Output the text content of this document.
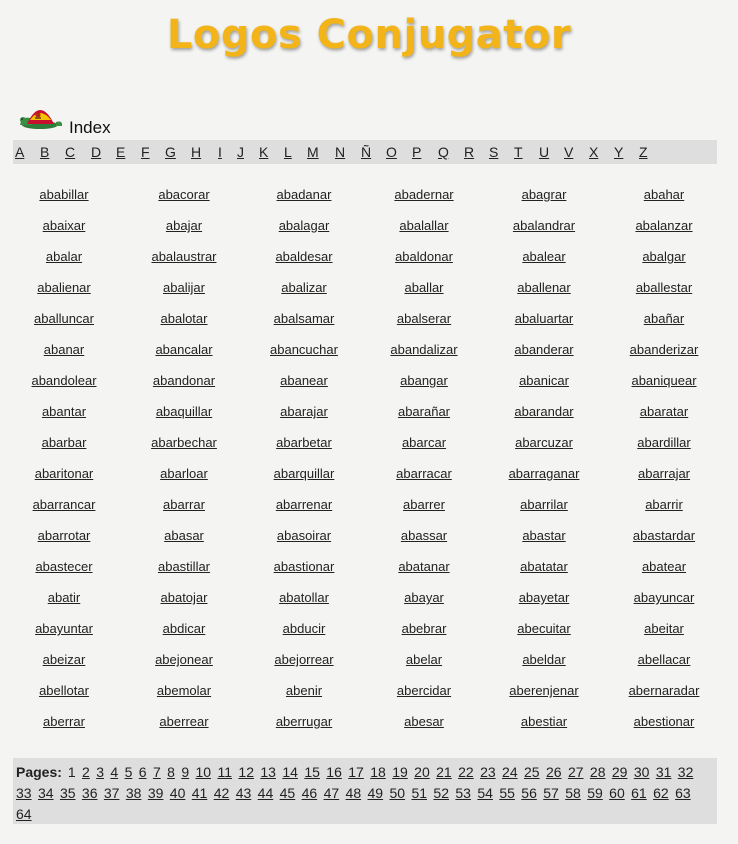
Logos Conjugator
Index
A B C D E F G H I J K L M N Ñ O P Q R S T U V X Y Z
ababillar	abacorar	abadanar	abadernar	abagrar	abahar
abaixar	abajar	abalagar	abalallar	abalandrar	abalanzar
abalar	abalaustrar	abaldesar	abaldonar	abalear	abalgar
abalienar	abalijar	abalizar	aballar	aballenar	aballestar
aballuncar	abalotar	abalsamar	abalserar	abaluartar	abañar
abanar	abancalar	abancuchar	abandalizar	abanderar	abanderizar
abandolear	abandonar	abanear	abangar	abanicar	abaniquear
abantar	abaquillar	abarajar	abarañar	abarandar	abaratar
abarbar	abarbechar	abarbetar	abarcar	abarcuzar	abardillar
abaritonar	abarloar	abarquillar	abarracar	abarraganar	abarrajar
abarrancar	abarrar	abarrenar	abarrer	abarrilar	abarrir
abarrotar	abasar	abasoirar	abassar	abastar	abastardar
abastecer	abastillar	abastionar	abatanar	abatatar	abatear
abatir	abatojar	abatollar	abayar	abayetar	abayuncar
abayuntar	abdicar	abducir	abebrar	abecuitar	abeitar
abeizar	abejonear	abejorrear	abelar	abeldar	abellacar
abellotar	abemolar	abenir	abercidar	aberenjenar	abernaradar
aberrar	aberrear	aberrugar	abesar	abestiar	abestionar
Pages: 1 2 3 4 5 6 7 8 9 10 11 12 13 14 15 16 17 18 19 20 21 22 23 24 25 26 27 28 29 30 31 32 33 34 35 36 37 38 39 40 41 42 43 44 45 46 47 48 49 50 51 52 53 54 55 56 57 58 59 60 61 62 63 64
